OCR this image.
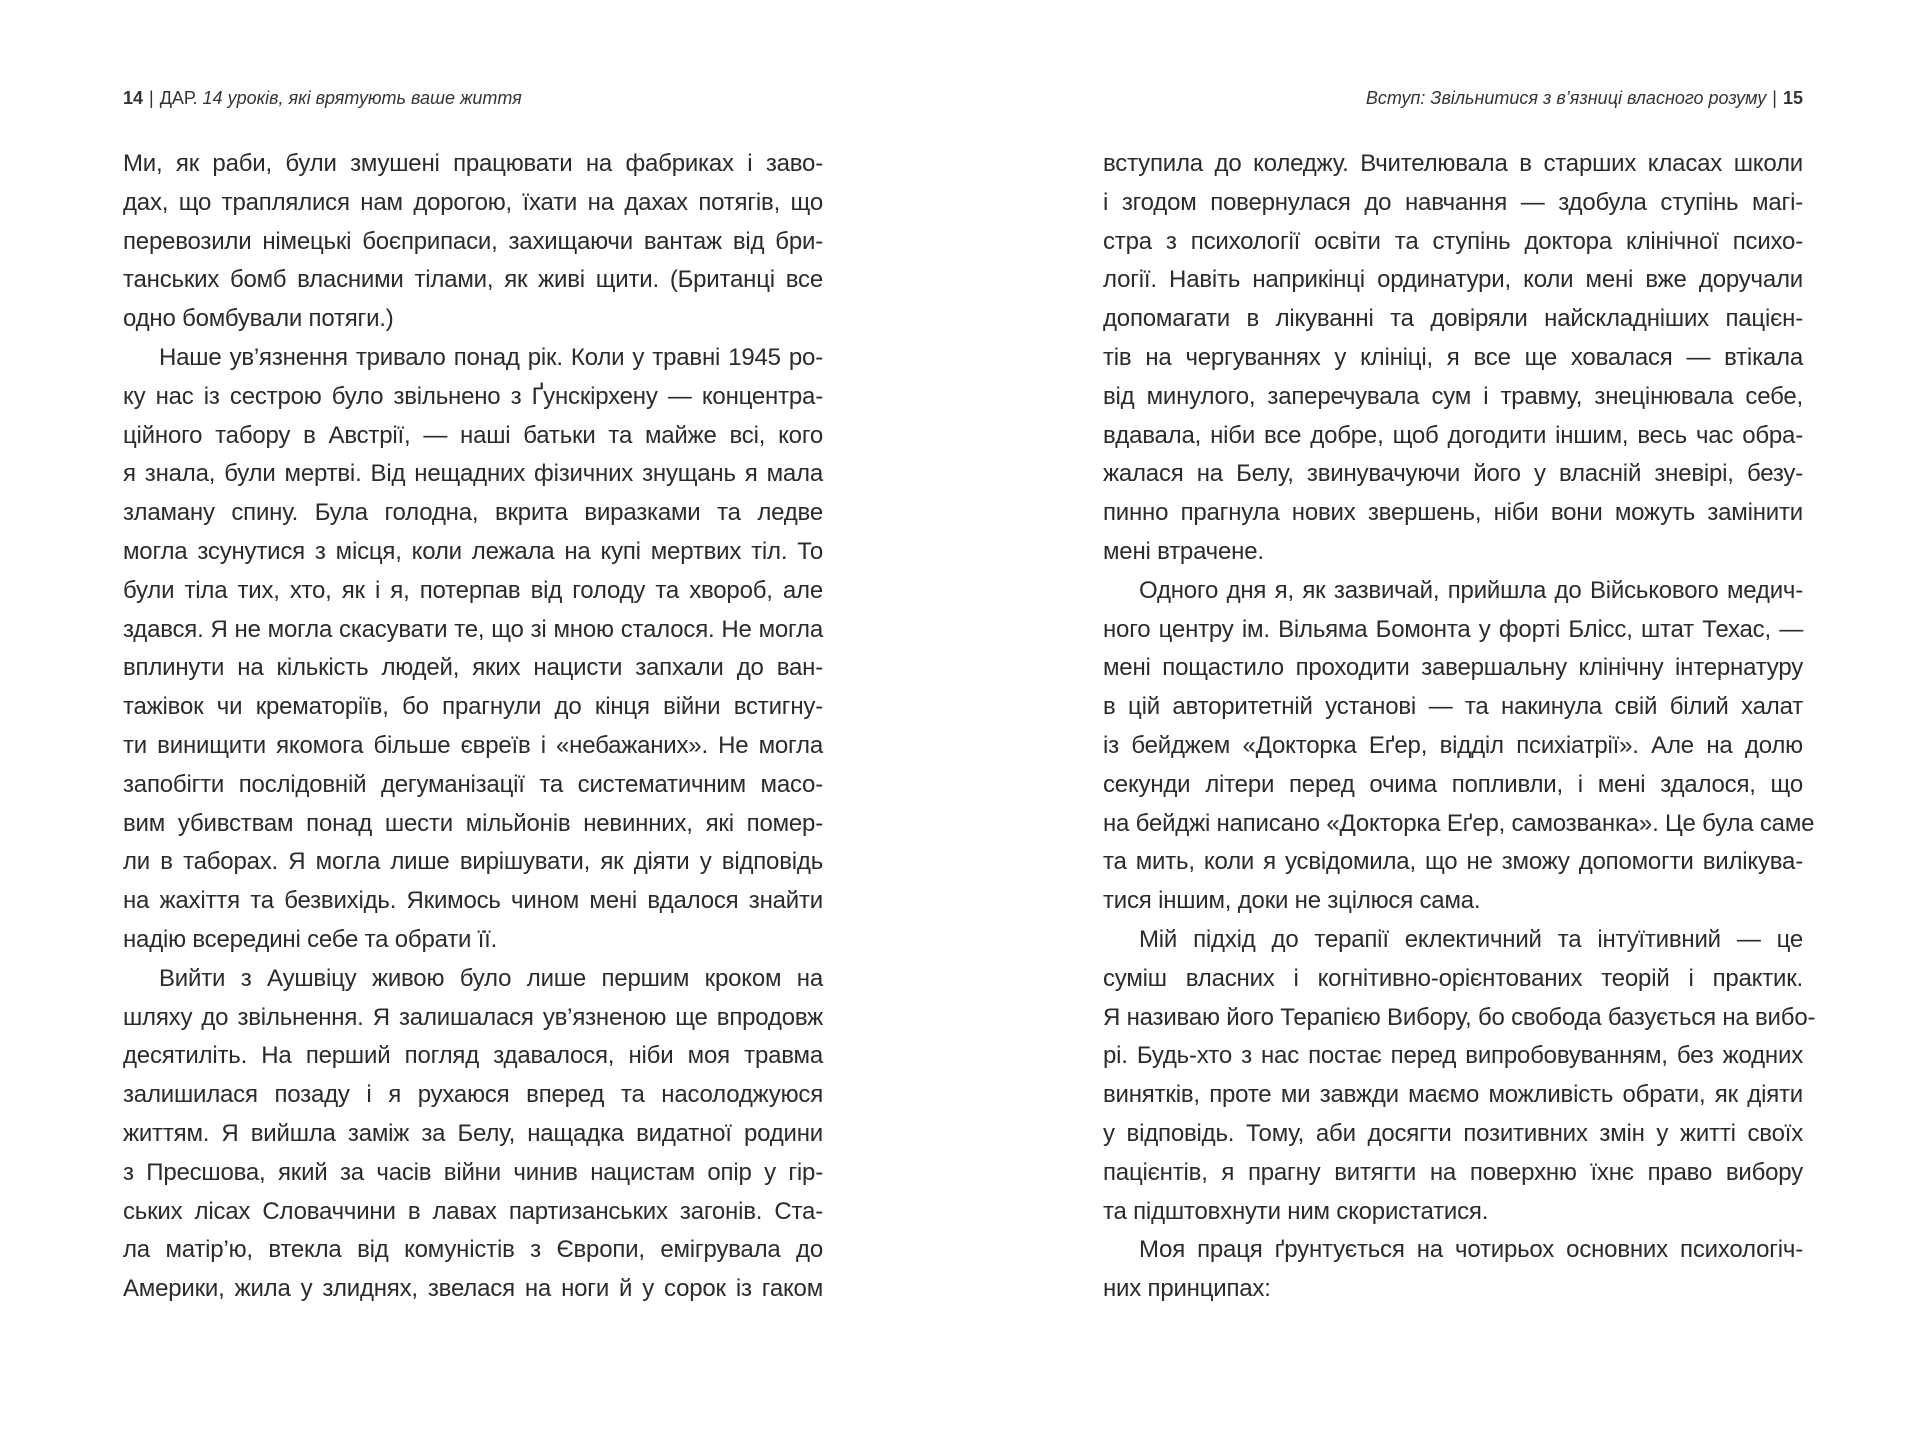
14 | ДАР. 14 уроків, які врятують ваше життя
Ми, як раби, були змушені працювати на фабриках і заво-
дах, що траплялися нам дорогою, їхати на дахах потягів, що
перевозили німецькі боєприпаси, захищаючи вантаж від бри-
танських бомб власними тілами, як живі щити. (Британці все
одно бомбували потяги.)
Наше ув’язнення тривало понад рік. Коли у травні 1945 ро-
ку нас із сестрою було звільнено з Ґунскірхену — концентра-
ційного табору в Австрії, — наші батьки та майже всі, кого
я знала, були мертві. Від нещадних фізичних знущань я мала
зламану спину. Була голодна, вкрита виразками та ледве
могла зсунутися з місця, коли лежала на купі мертвих тіл. То
були тіла тих, хто, як і я, потерпав від голоду та хвороб, але
здався. Я не могла скасувати те, що зі мною сталося. Не могла
вплинути на кількість людей, яких нацисти запхали до ван-
тажівок чи крематоріїв, бо прагнули до кінця війни встигну-
ти винищити якомога більше євреїв і «небажаних». Не могла
запобігти послідовній дегуманізації та систематичним масо-
вим убивствам понад шести мільйонів невинних, які помер-
ли в таборах. Я могла лише вирішувати, як діяти у відповідь
на жахіття та безвихідь. Якимось чином мені вдалося знайти
надію всередині себе та обрати її.
Вийти з Аушвіцу живою було лише першим кроком на
шляху до звільнення. Я залишалася ув’язненою ще впродовж
десятиліть. На перший погляд здавалося, ніби моя травма
залишилася позаду і я рухаюся вперед та насолоджуюся
життям. Я вийшла заміж за Белу, нащадка видатної родини
з Пресшова, який за часів війни чинив нацистам опір у гір-
ських лісах Словаччини в лавах партизанських загонів. Ста-
ла матір’ю, втекла від комуністів з Європи, емігрувала до
Америки, жила у злиднях, звелася на ноги й у сорок із гаком
Вступ: Звільнитися з в’язниці власного розуму | 15
вступила до коледжу. Вчителювала в старших класах школи
і згодом повернулася до навчання — здобула ступінь магі-
стра з психології освіти та ступінь доктора клінічної психо-
логії. Навіть наприкінці ординатури, коли мені вже доручали
допомагати в лікуванні та довіряли найскладніших пацієн-
тів на чергуваннях у клініці, я все ще ховалася — втікала
від минулого, заперечувала сум і травму, знецінювала себе,
вдавала, ніби все добре, щоб догодити іншим, весь час обра-
жалася на Белу, звинувачуючи його у власній зневірі, безу-
пинно прагнула нових звершень, ніби вони можуть замінити
мені втрачене.
Одного дня я, як зазвичай, прийшла до Військового медич-
ного центру ім. Вільяма Бомонта у форті Блісс, штат Техас, —
мені пощастило проходити завершальну клінічну інтернатуру
в цій авторитетній установі — та накинула свій білий халат
із бейджем «Докторка Еґер, відділ психіатрії». Але на долю
секунди літери перед очима попливли, і мені здалося, що
на бейджі написано «Докторка Еґер, самозванка». Це була саме
та мить, коли я усвідомила, що не зможу допомогти вилікува-
тися іншим, доки не зцілюся сама.
Мій підхід до терапії еклектичний та інтуїтивний — це
суміш власних і когнітивно-орієнтованих теорій і практик.
Я називаю його Терапією Вибору, бо свобода базується на вибо-
рі. Будь-хто з нас постає перед випробовуванням, без жодних
винятків, проте ми завжди маємо можливість обрати, як діяти
у відповідь. Тому, аби досягти позитивних змін у житті своїх
пацієнтів, я прагну витягти на поверхню їхнє право вибору
та підштовхнути ним скористатися.
Моя праця ґрунтується на чотирьох основних психологіч-
них принципах:
